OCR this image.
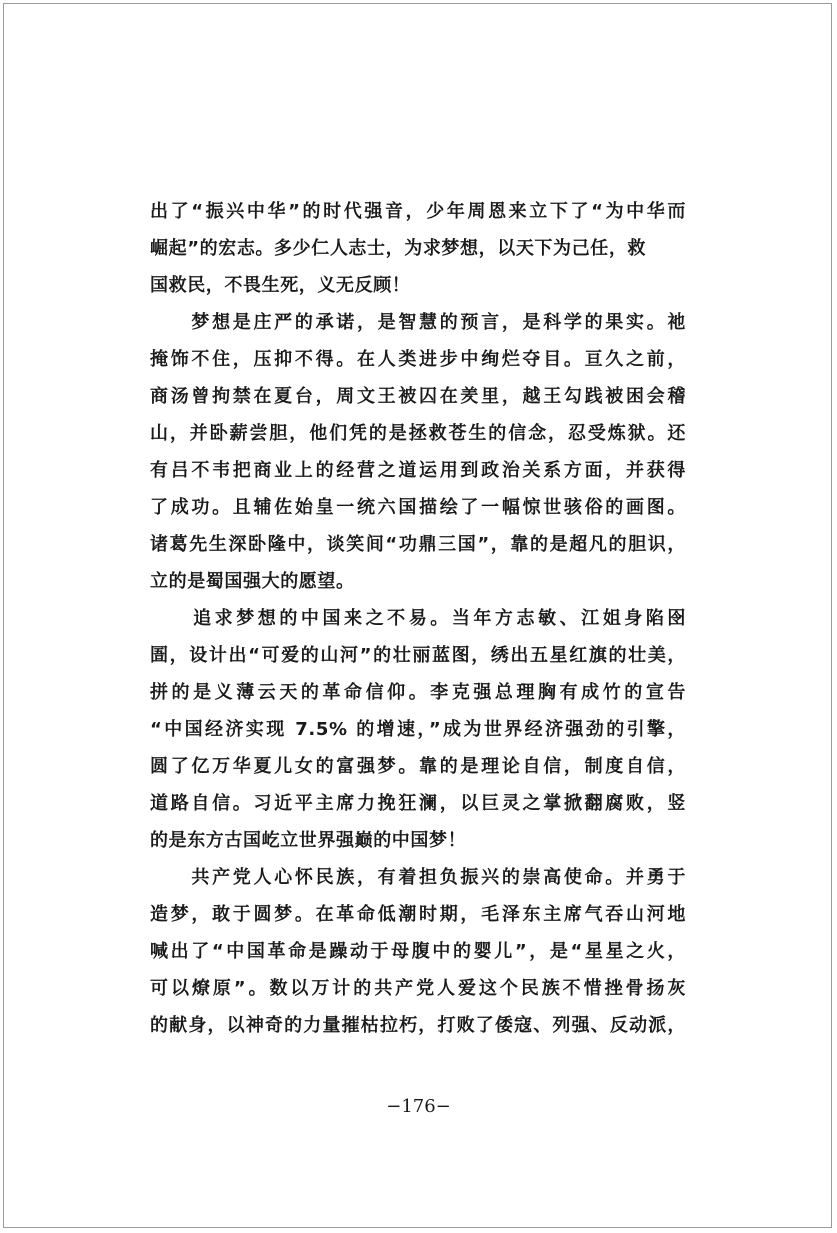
出了“振兴中华”的时代强音，少年周恩来立下了“为中华而
崛起”的宏志。多少仁人志士，为求梦想，以天下为己任，救
国救民，不畏生死，义无反顾！
　　梦想是庄严的承诺，是智慧的预言，是科学的果实。祂
掩饰不住，压抑不得。在人类进步中绚烂夺目。亘久之前，
商汤曾拘禁在夏台，周文王被囚在羑里，越王勾践被困会稽
山，并卧薪尝胆，他们凭的是拯救苍生的信念，忍受炼狱。还
有吕不韦把商业上的经营之道运用到政治关系方面，并获得
了成功。且辅佐始皇一统六国描绘了一幅惊世骇俗的画图。
诸葛先生深卧隆中，谈笑间“功鼎三国”，靠的是超凡的胆识，
立的是蜀国强大的愿望。
　　追求梦想的中国来之不易。当年方志敏、江姐身陷囹
圄，设计出“可爱的山河”的壮丽蓝图，绣出五星红旗的壮美，
拼的是义薄云天的革命信仰。李克强总理胸有成竹的宣告
“中国经济实现 7.5% 的增速，”成为世界经济强劲的引擎，
圆了亿万华夏儿女的富强梦。靠的是理论自信，制度自信，
道路自信。习近平主席力挽狂澜，以巨灵之掌掀翻腐败，竖
的是东方古国屹立世界强巅的中国梦！
　　共产党人心怀民族，有着担负振兴的崇高使命。并勇于
造梦，敢于圆梦。在革命低潮时期，毛泽东主席气吞山河地
喊出了“中国革命是躁动于母腹中的婴儿”，是“星星之火，
可以燎原”。数以万计的共产党人爱这个民族不惜挫骨扬灰
的献身，以神奇的力量摧枯拉朽，打败了倭寇、列强、反动派，
−176−
